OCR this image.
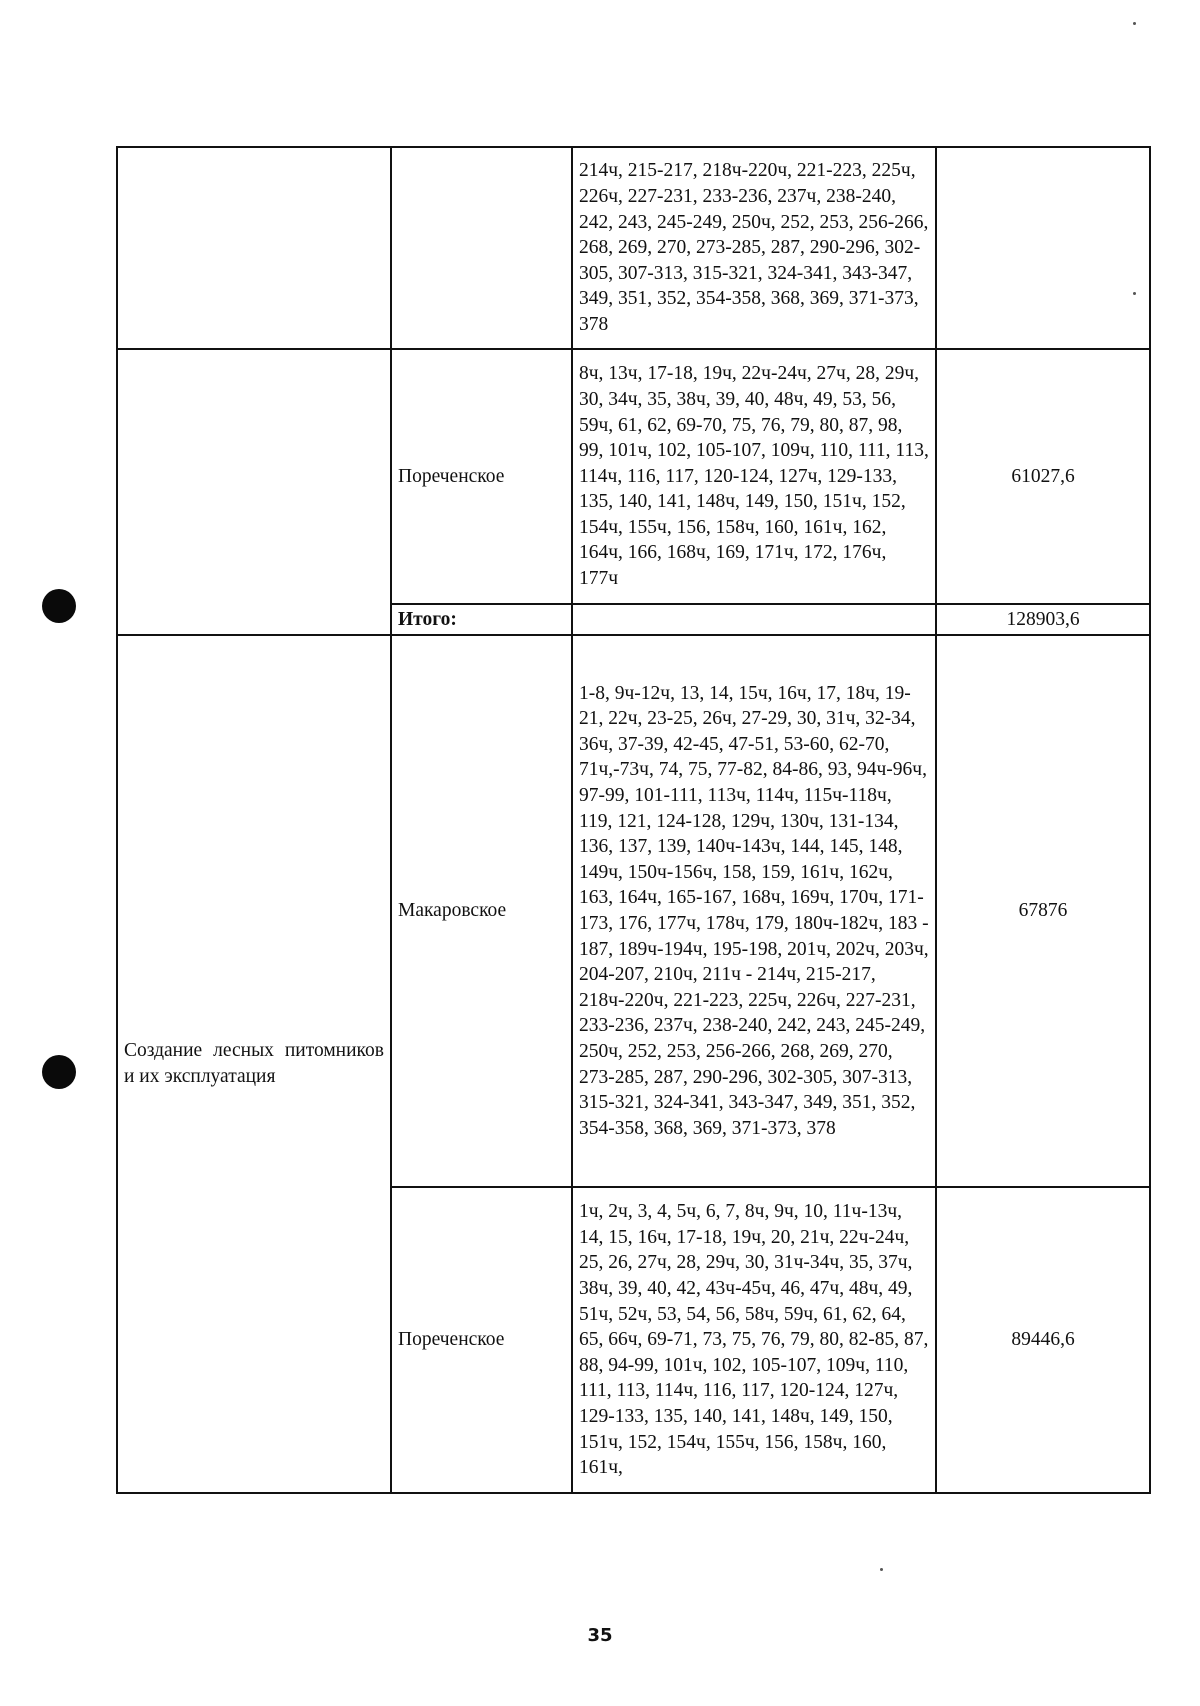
		214ч, 215-217, 218ч-220ч, 221-223, 225ч, 226ч, 227-231, 233-236, 237ч, 238-240, 242, 243, 245-249, 250ч, 252, 253, 256-266, 268, 269, 270, 273-285, 287, 290-296, 302-305, 307-313, 315-321, 324-341, 343-347, 349, 351, 352, 354-358, 368, 369, 371-373, 378	
	Пореченское	8ч, 13ч, 17-18, 19ч, 22ч-24ч, 27ч, 28, 29ч, 30, 34ч, 35, 38ч, 39, 40, 48ч, 49, 53, 56, 59ч, 61, 62, 69-70, 75, 76, 79, 80, 87, 98, 99, 101ч, 102, 105-107, 109ч, 110, 111, 113, 114ч, 116, 117, 120-124, 127ч, 129-133, 135, 140, 141, 148ч, 149, 150, 151ч, 152, 154ч, 155ч, 156, 158ч, 160, 161ч, 162, 164ч, 166, 168ч, 169, 171ч, 172, 176ч, 177ч	61027,6
	Итого:		128903,6
Создание лесных питомников и их эксплуатация	Макаровское	1-8, 9ч-12ч, 13, 14, 15ч, 16ч, 17, 18ч, 19-21, 22ч, 23-25, 26ч, 27-29, 30, 31ч, 32-34, 36ч, 37-39, 42-45, 47-51, 53-60, 62-70, 71ч,-73ч, 74, 75, 77-82, 84-86, 93, 94ч-96ч, 97-99, 101-111, 113ч, 114ч, 115ч-118ч, 119, 121, 124-128, 129ч, 130ч, 131-134, 136, 137, 139, 140ч-143ч, 144, 145, 148, 149ч, 150ч-156ч, 158, 159, 161ч, 162ч, 163, 164ч, 165-167, 168ч, 169ч, 170ч, 171-173, 176, 177ч, 178ч, 179, 180ч-182ч, 183 - 187, 189ч-194ч, 195-198, 201ч, 202ч, 203ч, 204-207, 210ч, 211ч - 214ч, 215-217, 218ч-220ч, 221-223, 225ч, 226ч, 227-231, 233-236, 237ч, 238-240, 242, 243, 245-249, 250ч, 252, 253, 256-266, 268, 269, 270, 273-285, 287, 290-296, 302-305, 307-313, 315-321, 324-341, 343-347, 349, 351, 352, 354-358, 368, 369, 371-373, 378	67876
	Пореченское	1ч, 2ч, 3, 4, 5ч, 6, 7, 8ч, 9ч, 10, 11ч-13ч, 14, 15, 16ч, 17-18, 19ч, 20, 21ч, 22ч-24ч, 25, 26, 27ч, 28, 29ч, 30, 31ч-34ч, 35, 37ч, 38ч, 39, 40, 42, 43ч-45ч, 46, 47ч, 48ч, 49, 51ч, 52ч, 53, 54, 56, 58ч, 59ч, 61, 62, 64, 65, 66ч, 69-71, 73, 75, 76, 79, 80, 82-85, 87, 88, 94-99, 101ч, 102, 105-107, 109ч, 110, 111, 113, 114ч, 116, 117, 120-124, 127ч, 129-133, 135, 140, 141, 148ч, 149, 150, 151ч, 152, 154ч, 155ч, 156, 158ч, 160, 161ч,	89446,6
35
